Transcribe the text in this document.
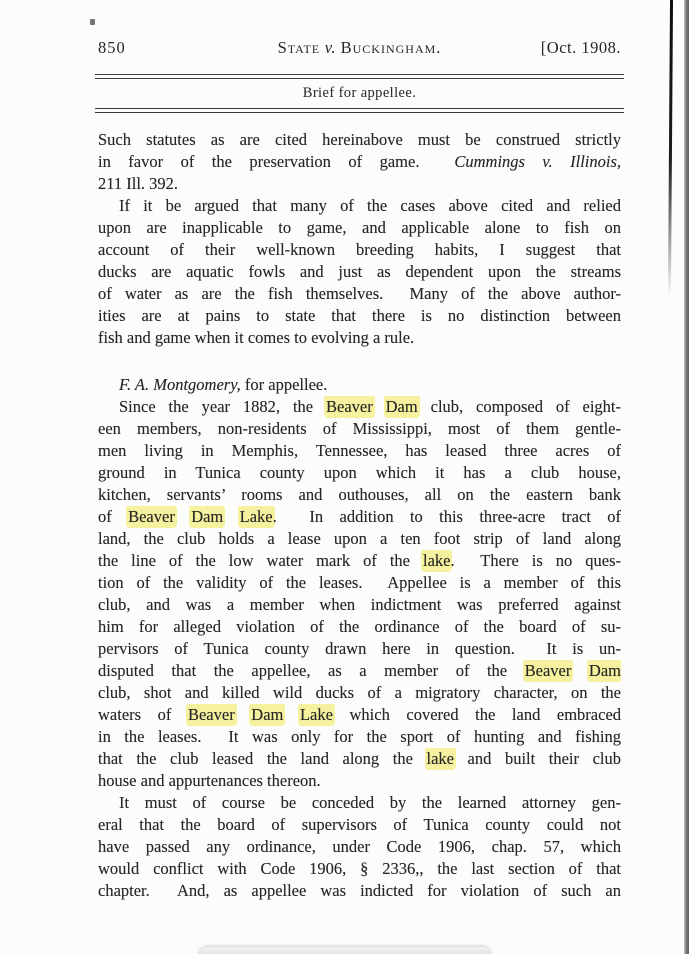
850	State v. Buckingham.	[Oct. 1908.
Brief for appellee.
Such statutes as are cited hereinabove must be construed strictly
in favor of the preservation of game.  Cummings v. Illinois,
211 Ill. 392.
If it be argued that many of the cases above cited and relied
upon are inapplicable to game, and applicable alone to fish on
account of their well-known breeding habits, I suggest that
ducks are aquatic fowls and just as dependent upon the streams
of water as are the fish themselves.  Many of the above author-
ities are at pains to state that there is no distinction between
fish and game when it comes to evolving a rule.
F. A. Montgomery, for appellee.
Since the year 1882, the Beaver Dam club, composed of eight-
een members, non-residents of Mississippi, most of them gentle-
men living in Memphis, Tennessee, has leased three acres of
ground in Tunica county upon which it has a club house,
kitchen, servants’ rooms and outhouses, all on the eastern bank
of Beaver Dam Lake.  In addition to this three-acre tract of
land, the club holds a lease upon a ten foot strip of land along
the line of the low water mark of the lake.  There is no ques-
tion of the validity of the leases.  Appellee is a member of this
club, and was a member when indictment was preferred against
him for alleged violation of the ordinance of the board of su-
pervisors of Tunica county drawn here in question.  It is un-
disputed that the appellee, as a member of the Beaver Dam
club, shot and killed wild ducks of a migratory character, on the
waters of Beaver Dam Lake which covered the land embraced
in the leases.  It was only for the sport of hunting and fishing
that the club leased the land along the lake and built their club
house and appurtenances thereon.
It must of course be conceded by the learned attorney gen-
eral that the board of supervisors of Tunica county could not
have passed any ordinance, under Code 1906, chap. 57, which
would conflict with Code 1906, § 2336,, the last section of that
chapter.  And, as appellee was indicted for violation of such an
